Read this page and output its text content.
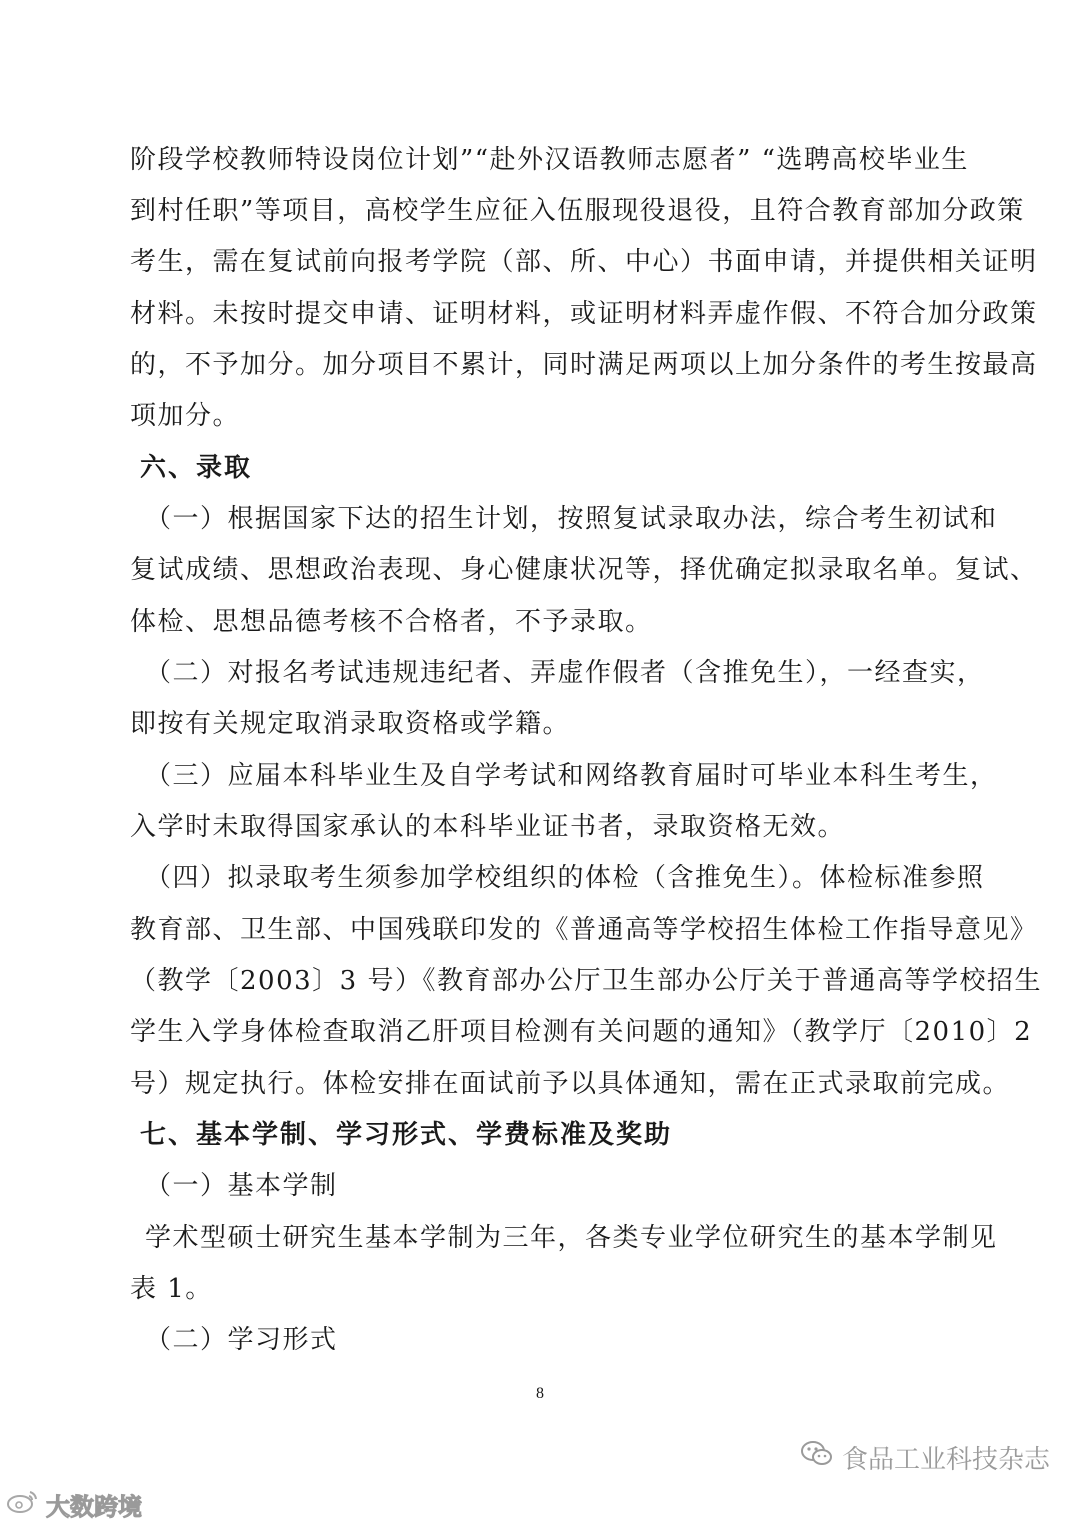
阶段学校教师特设岗位计划”“赴外汉语教师志愿者” “选聘高校毕业生
到村任职”等项目，高校学生应征入伍服现役退役，且符合教育部加分政策
考生，需在复试前向报考学院（部、所、中心）书面申请，并提供相关证明
材料。未按时提交申请、证明材料，或证明材料弄虚作假、不符合加分政策
的，不予加分。加分项目不累计，同时满足两项以上加分条件的考生按最高
项加分。
六、录取
（一）根据国家下达的招生计划，按照复试录取办法，综合考生初试和
复试成绩、思想政治表现、身心健康状况等，择优确定拟录取名单。复试、
体检、思想品德考核不合格者，不予录取。
（二）对报名考试违规违纪者、弄虚作假者（含推免生），一经查实，
即按有关规定取消录取资格或学籍。
（三）应届本科毕业生及自学考试和网络教育届时可毕业本科生考生，
入学时未取得国家承认的本科毕业证书者，录取资格无效。
（四）拟录取考生须参加学校组织的体检（含推免生）。体检标准参照
教育部、卫生部、中国残联印发的《普通高等学校招生体检工作指导意见》
（教学〔2003〕3 号）《教育部办公厅卫生部办公厅关于普通高等学校招生
学生入学身体检查取消乙肝项目检测有关问题的通知》（教学厅〔2010〕2
号）规定执行。体检安排在面试前予以具体通知，需在正式录取前完成。
七、基本学制、学习形式、学费标准及奖助
（一）基本学制
学术型硕士研究生基本学制为三年，各类专业学位研究生的基本学制见
表 1。
（二）学习形式
8
食品工业科技杂志
大数跨境
